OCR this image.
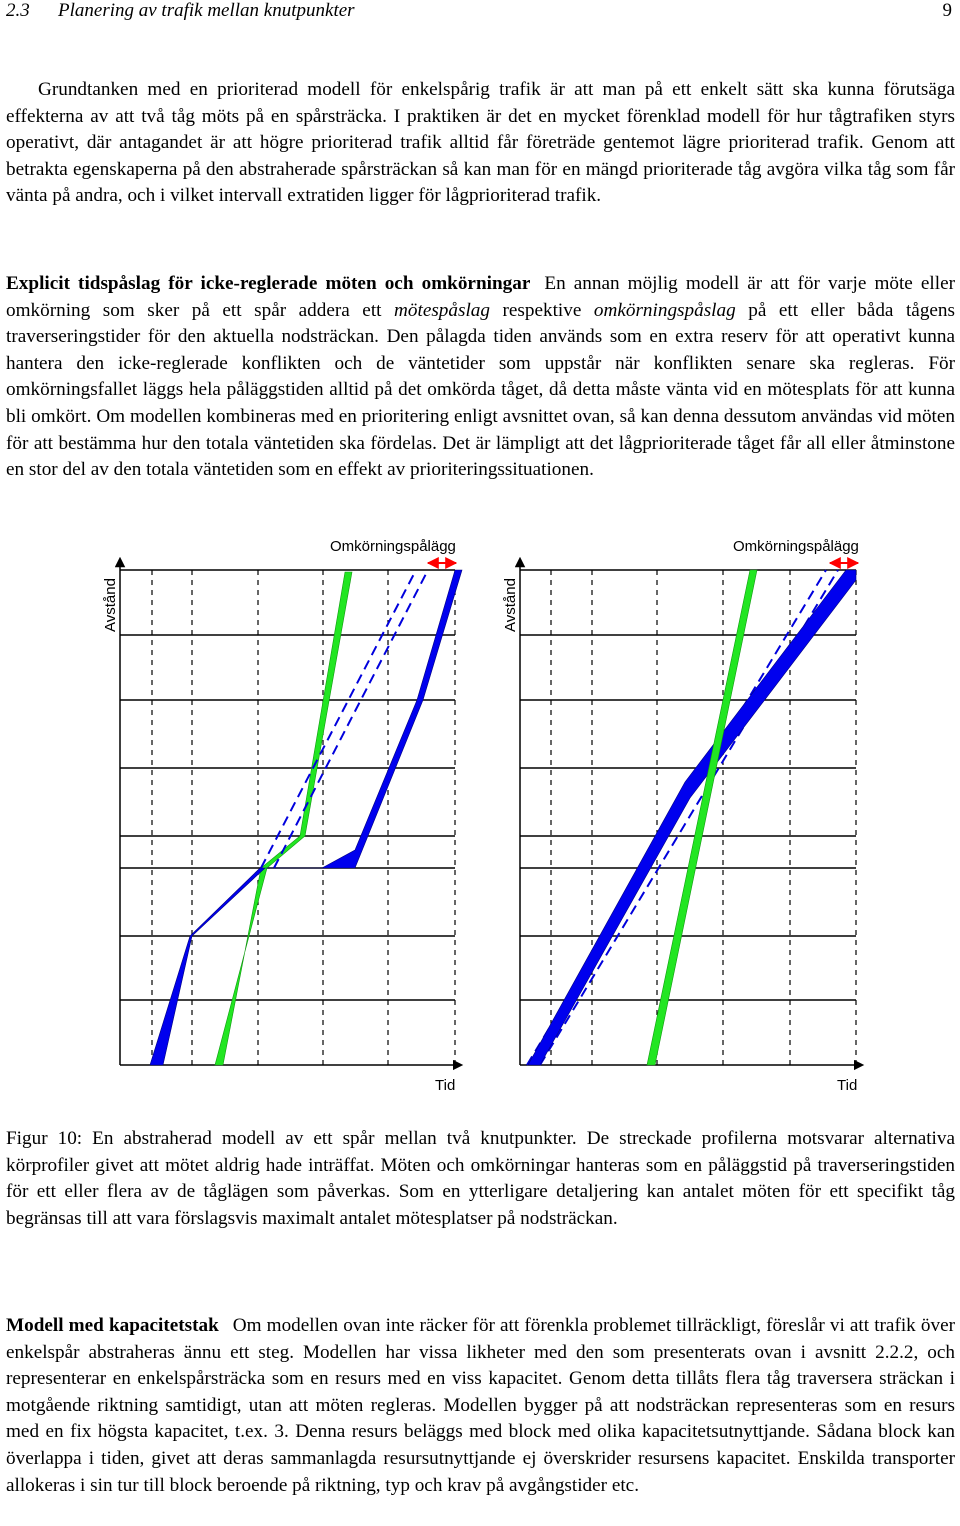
2.3 Planering av trafik mellan knutpunkter	9

Grundtanken med en prioriterad modell för enkelspårig trafik är att man på ett enkelt sätt ska kunna förutsäga effekterna av att två tåg möts på en spårsträcka. I praktiken är det en mycket förenklad modell för hur tågtrafiken styrs operativt, där antagandet är att högre prioriterad trafik alltid får företräde gentemot lägre prioriterad trafik. Genom att betrakta egenskaperna på den abstraherade spårsträckan så kan man för en mängd prioriterade tåg avgöra vilka tåg som får vänta på andra, och i vilket intervall extratiden ligger för lågprioriterad trafik.

Explicit tidspåslag för icke-reglerade möten och omkörningar En annan möjlig modell är att för varje möte eller omkörning som sker på ett spår addera ett mötespåslag respektive omkörningspåslag på ett eller båda tågens traverseringstider för den aktuella nodsträckan. Den pålagda tiden används som en extra reserv för att operativt kunna hantera den icke-reglerade konflikten och de väntetider som uppstår när konflikten senare ska regleras. För omkörningsfallet läggs hela påläggstiden alltid på det omkörda tåget, då detta måste vänta vid en mötesplats för att kunna bli omkört. Om modellen kombineras med en prioritering enligt avsnittet ovan, så kan denna dessutom användas vid möten för att bestämma hur den totala väntetiden ska fördelas. Det är lämpligt att det lågprioriterade tåget får all eller åtminstone en stor del av den totala väntetiden som en effekt av prioriteringssituationen.

Avstånd
Tid
Omkörningspålägg
Avstånd
Tid
Omkörningspålägg

Figur 10: En abstraherad modell av ett spår mellan två knutpunkter. De streckade profilerna motsvarar alternativa körprofiler givet att mötet aldrig hade inträffat. Möten och omkörningar hanteras som en påläggstid på traverseringstiden för ett eller flera av de tåglägen som påverkas. Som en ytterligare detaljering kan antalet möten för ett specifikt tåg begränsas till att vara förslagsvis maximalt antalet mötesplatser på nodsträckan.

Modell med kapacitetstak Om modellen ovan inte räcker för att förenkla problemet tillräckligt, föreslår vi att trafik över enkelspår abstraheras ännu ett steg. Modellen har vissa likheter med den som presenterats ovan i avsnitt 2.2.2, och representerar en enkelspårsträcka som en resurs med en viss kapacitet. Genom detta tillåts flera tåg traversera sträckan i motgående riktning samtidigt, utan att möten regleras. Modellen bygger på att nodsträckan representeras som en resurs med en fix högsta kapacitet, t.ex. 3. Denna resurs beläggs med block med olika kapacitetsutnyttjande. Sådana block kan överlappa i tiden, givet att deras sammanlagda resursutnyttjande ej överskrider resursens kapacitet. Enskilda transporter allokeras i sin tur till block beroende på riktning, typ och krav på avgångstider etc.
